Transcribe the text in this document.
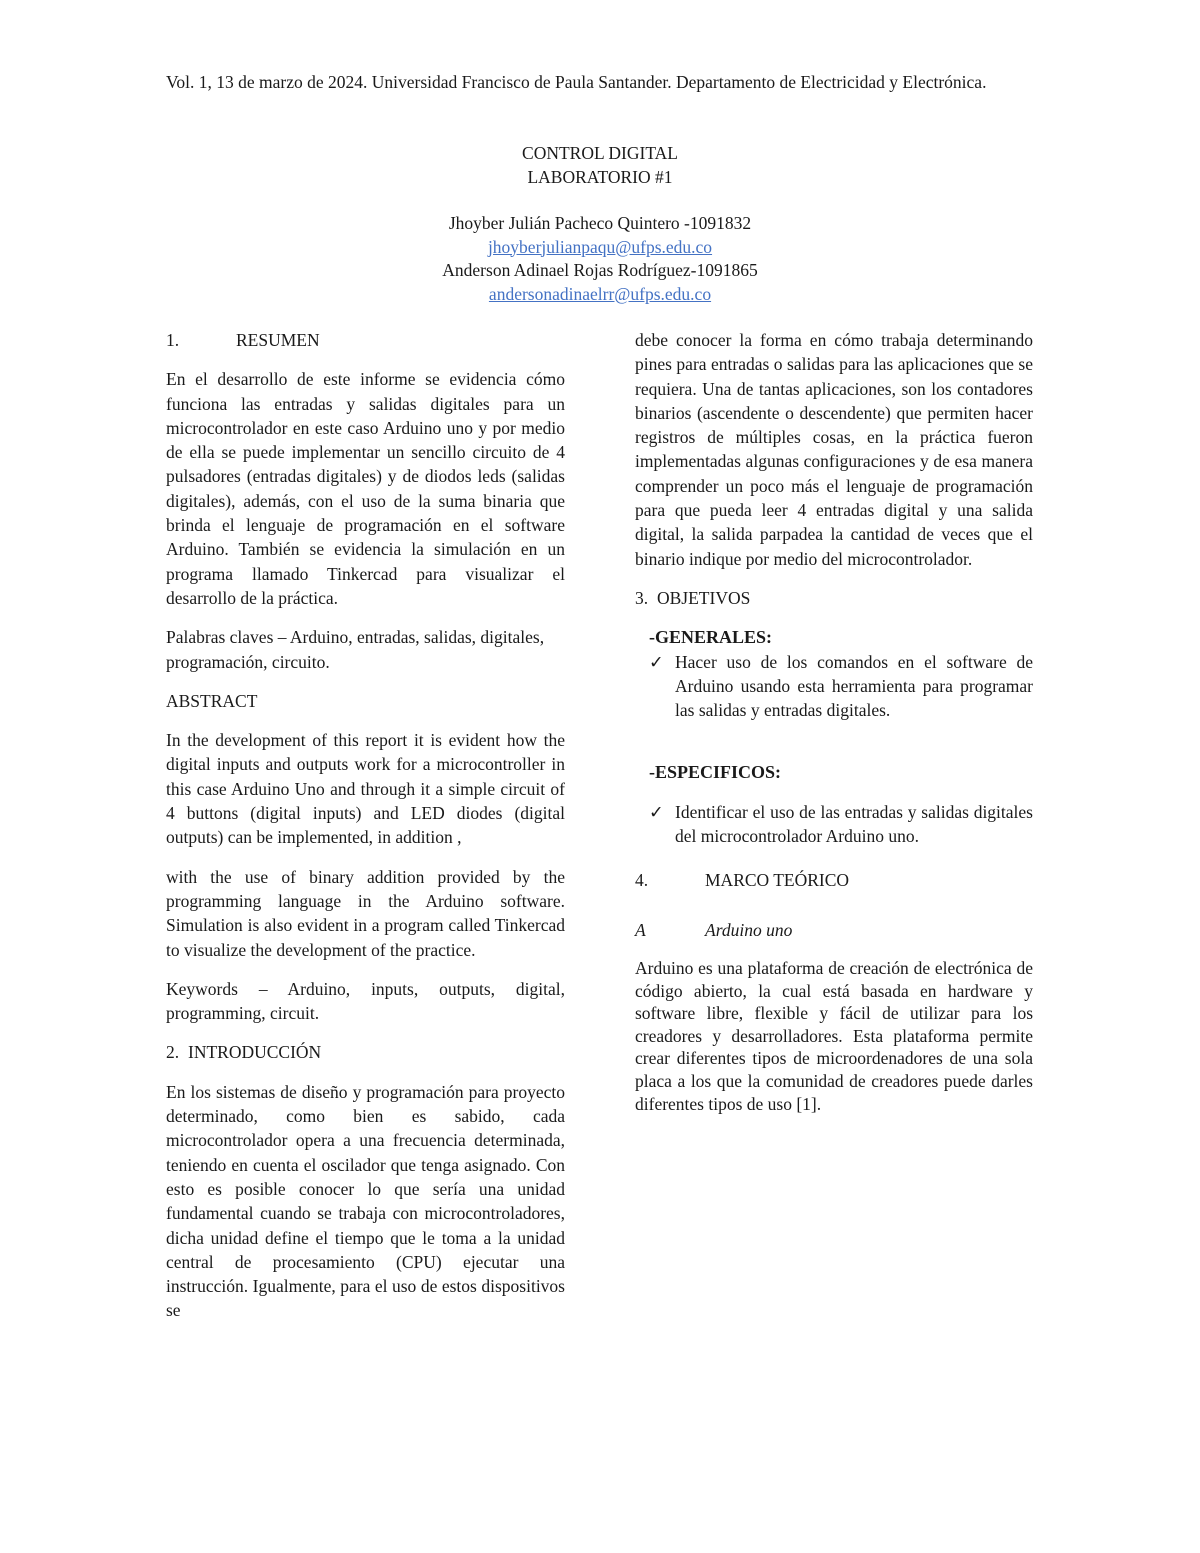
Vol. 1, 13 de marzo de 2024. Universidad Francisco de Paula Santander. Departamento de Electricidad y Electrónica.
CONTROL DIGITAL
LABORATORIO #1
Jhoyber Julián Pacheco Quintero -1091832
jhoyberjulianpaqu@ufps.edu.co
Anderson Adinael Rojas Rodríguez-1091865
andersonadinaelrr@ufps.edu.co

1.	RESUMEN

En el desarrollo de este informe se evidencia cómo funciona las entradas y salidas digitales para un microcontrolador en este caso Arduino uno y por medio de ella se puede implementar un sencillo circuito de 4 pulsadores (entradas digitales) y de diodos leds (salidas digitales), además, con el uso de la suma binaria que brinda el lenguaje de programación en el software Arduino. También se evidencia la simulación en un programa llamado Tinkercad para visualizar el desarrollo de la práctica.

Palabras claves – Arduino, entradas, salidas, digitales, programación, circuito.

ABSTRACT

In the development of this report it is evident how the digital inputs and outputs work for a microcontroller in this case Arduino Uno and through it a simple circuit of 4 buttons (digital inputs) and LED diodes (digital outputs) can be implemented, in addition ,

with the use of binary addition provided by the programming language in the Arduino software. Simulation is also evident in a program called Tinkercad to visualize the development of the practice.

Keywords – Arduino, inputs, outputs, digital, programming, circuit.

2. INTRODUCCIÓN

En los sistemas de diseño y programación para proyecto determinado, como bien es sabido, cada microcontrolador opera a una frecuencia determinada, teniendo en cuenta el oscilador que tenga asignado. Con esto es posible conocer lo que sería una unidad fundamental cuando se trabaja con microcontroladores, dicha unidad define el tiempo que le toma a la unidad central de procesamiento (CPU) ejecutar una instrucción. Igualmente, para el uso de estos dispositivos se

debe conocer la forma en cómo trabaja determinando pines para entradas o salidas para las aplicaciones que se requiera. Una de tantas aplicaciones, son los contadores binarios (ascendente o descendente) que permiten hacer registros de múltiples cosas, en la práctica fueron implementadas algunas configuraciones y de esa manera comprender un poco más el lenguaje de programación para que pueda leer 4 entradas digital y una salida digital, la salida parpadea la cantidad de veces que el binario indique por medio del microcontrolador.

3. OBJETIVOS

-GENERALES:

✓ Hacer uso de los comandos en el software de Arduino usando esta herramienta para programar las salidas y entradas digitales.

-ESPECIFICOS:

✓ Identificar el uso de las entradas y salidas digitales del microcontrolador Arduino uno.

4.	MARCO TEÓRICO

A	Arduino uno

Arduino es una plataforma de creación de electrónica de código abierto, la cual está basada en hardware y software libre, flexible y fácil de utilizar para los creadores y desarrolladores. Esta plataforma permite crear diferentes tipos de microordenadores de una sola placa a los que la comunidad de creadores puede darles diferentes tipos de uso [1].
